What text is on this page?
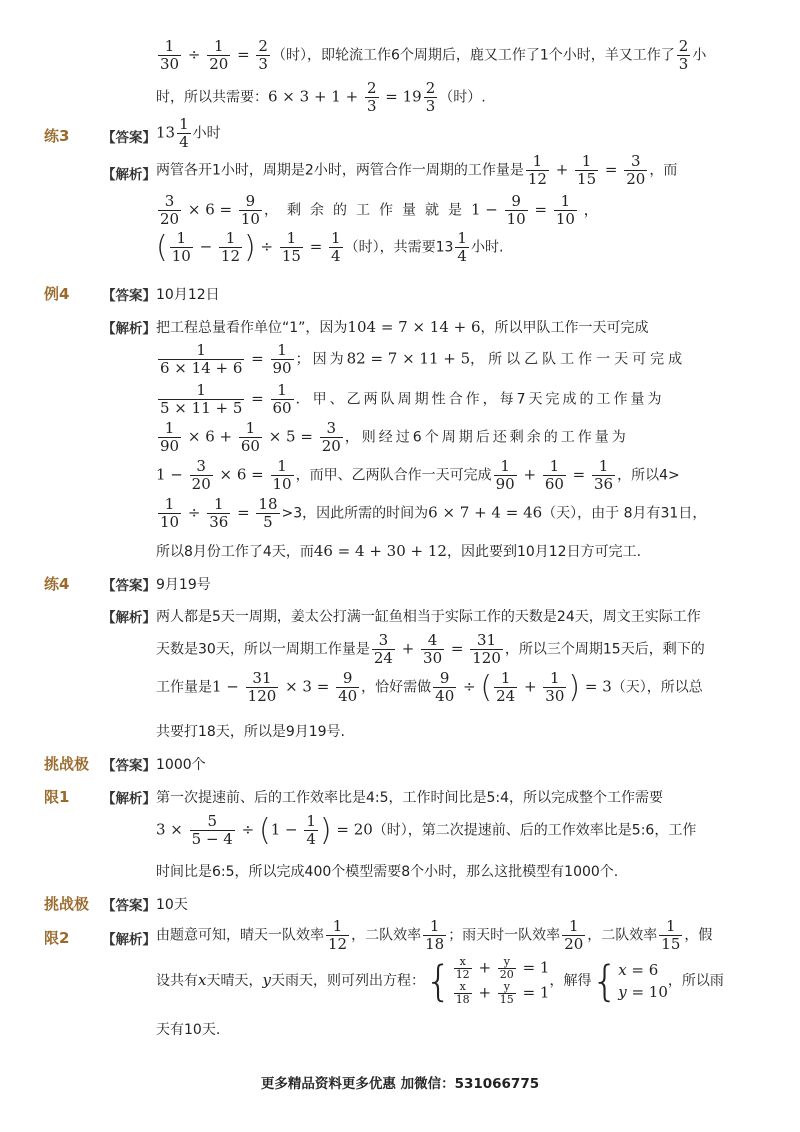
$\frac{1}{30} \div \frac{1}{20} = \frac{2}{3}$ （时），即轮流工作6个周期后，鹿又工作了1个小时，羊又工作了 $\frac{2}{3}$ 小
时，所以共需要：$6 \times 3 + 1 + \frac{2}{3} = 19 \frac{2}{3}$ （时）.
练3 【答案】 $13 \frac{1}{4}$ 小时
【解析】 两管各开1小时，周期是2小时，两管合作一周期的工作量是 $\frac{1}{12} + \frac{1}{15} = \frac{3}{20}$ ，而
$\frac{3}{20} \times 6 = \frac{9}{10}$ ，剩余的工作量就是$1 - \frac{9}{10} = \frac{1}{10}$ ，
( $\frac{1}{10} - \frac{1}{12}$ ) ÷ $\frac{1}{15} = \frac{1}{4}$ （时），共需要$13 \frac{1}{4}$ 小时.
例4 【答案】 10月12日
【解析】 把工程总量看作单位“1”，因为104 = 7 × 14 + 6，所以甲队工作一天可完成
$\frac{1}{6 \times 14 + 6} = \frac{1}{90}$ ；因为82 = 7 × 11 + 5，所以乙队工作一天可完成
$\frac{1}{5 \times 11 + 5} = \frac{1}{60}$ ．甲、乙两队周期性合作，每7天完成的工作量为
$\frac{1}{90} \times 6 + \frac{1}{60} \times 5 = \frac{3}{20}$ ，则经过6个周期后还剩余的工作量为
$1 - \frac{3}{20} \times 6 = \frac{1}{10}$ ，而甲、乙两队合作一天可完成 $\frac{1}{90} + \frac{1}{60} = \frac{1}{36}$ ，所以4>
$\frac{1}{10} \div \frac{1}{36} = \frac{18}{5} >3$，因此所需的时间为6 × 7 + 4 = 46（天），由于 8月有31日，
所以8月份工作了4天，而46 = 4 + 30 + 12，因此要到10月12日方可完工.
练4 【答案】 9月19号
【解析】 两人都是5天一周期，姜太公打满一缸鱼相当于实际工作的天数是24天，周文王实际工作
天数是30天，所以一周期工作量是 $\frac{3}{24} + \frac{4}{30} = \frac{31}{120}$ ，所以三个周期15天后，剩下的
工作量是$1 - \frac{31}{120} \times 3 = \frac{9}{40}$ ，恰好需做 $\frac{9}{40}$ ÷ ( $\frac{1}{24} + \frac{1}{30}$ ) = 3（天），所以总
共要打18天，所以是9月19号.
挑战极
限1
【答案】 1000个
【解析】 第一次提速前、后的工作效率比是4:5，工作时间比是5:4，所以完成整个工作需要
$3 \times \frac{5}{5 - 4} \div (1 - \frac{1}{4}$ ) = 20（时），第二次提速前、后的工作效率比是5:6，工作
时间比是6:5，所以完成400个模型需要8个小时，那么这批模型有1000个.
挑战极
限2
【答案】 10天
【解析】 由题意可知，晴天一队效率 $\frac{1}{12}$ ，二队效率 $\frac{1}{18}$ ；雨天时一队效率 $\frac{1}{20}$ ，二队效率 $\frac{1}{15}$ ，假
设共有x天晴天，y天雨天，则可列出方程：{ $\frac{x}{12} + \frac{y}{20} = 1$
$\frac{x}{18} + \frac{y}{15} = 1$
，解得{ x = 6
y = 10
，所以雨
天有10天.
更多精品资料更多优惠 加微信：531066775
